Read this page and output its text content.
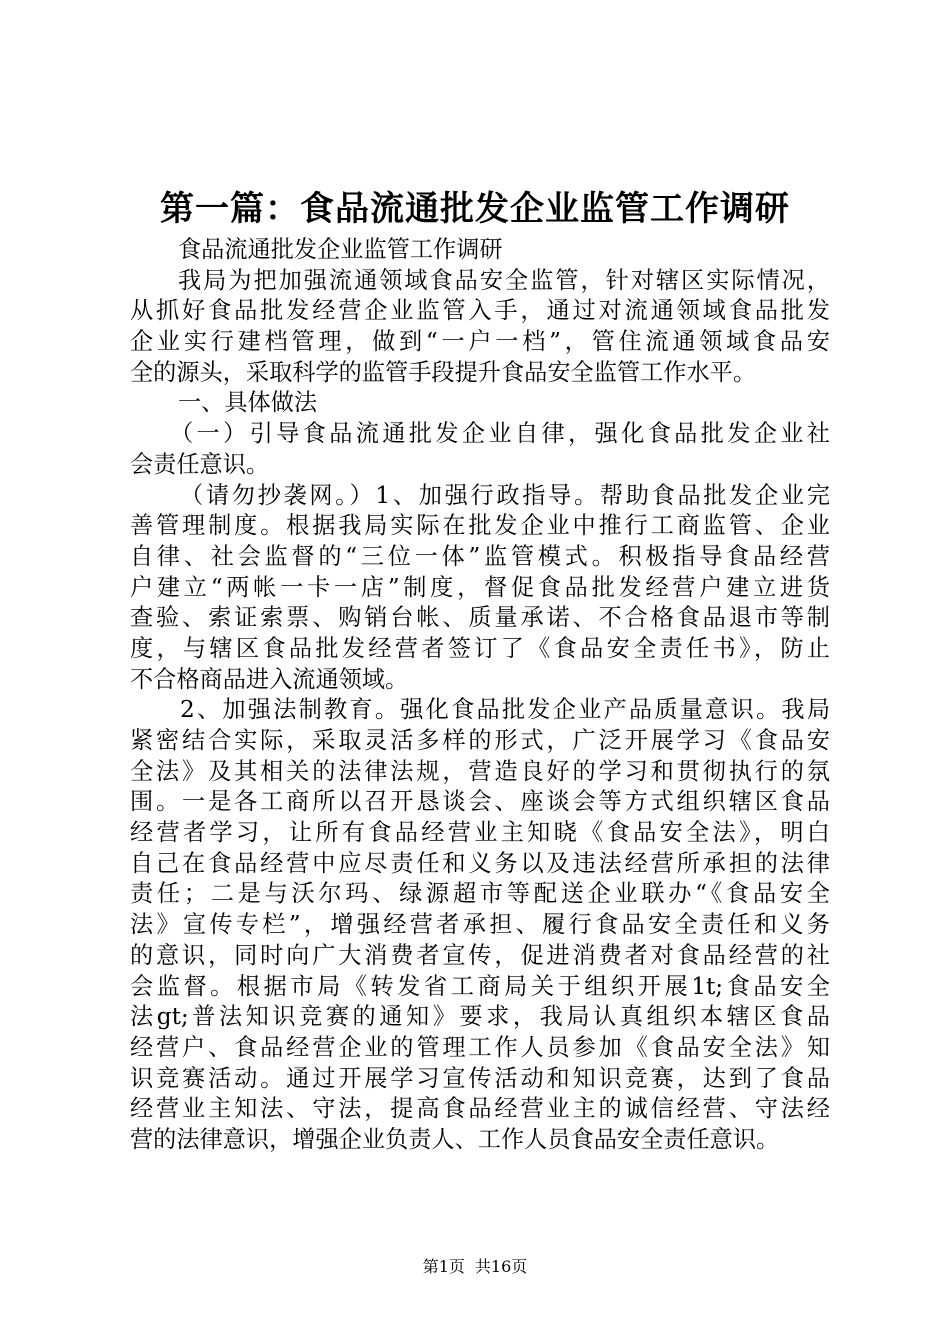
第一篇：食品流通批发企业监管工作调研
食品流通批发企业监管工作调研
我局为把加强流通领域食品安全监管，针对辖区实际情况，
从抓好食品批发经营企业监管入手，通过对流通领域食品批发
企业实行建档管理，做到“一户一档”，管住流通领域食品安
全的源头，采取科学的监管手段提升食品安全监管工作水平。
一、具体做法
（一）引导食品流通批发企业自律，强化食品批发企业社
会责任意识。
（请勿抄袭网。）1、加强行政指导。帮助食品批发企业完
善管理制度。根据我局实际在批发企业中推行工商监管、企业
自律、社会监督的“三位一体”监管模式。积极指导食品经营
户建立“两帐一卡一店”制度，督促食品批发经营户建立进货
查验、索证索票、购销台帐、质量承诺、不合格食品退市等制
度，与辖区食品批发经营者签订了《食品安全责任书》，防止
不合格商品进入流通领域。
2、加强法制教育。强化食品批发企业产品质量意识。我局
紧密结合实际，采取灵活多样的形式，广泛开展学习《食品安
全法》及其相关的法律法规，营造良好的学习和贯彻执行的氛
围。一是各工商所以召开恳谈会、座谈会等方式组织辖区食品
经营者学习，让所有食品经营业主知晓《食品安全法》，明白
自己在食品经营中应尽责任和义务以及违法经营所承担的法律
责任；二是与沃尔玛、绿源超市等配送企业联办“《食品安全
法》宣传专栏”，增强经营者承担、履行食品安全责任和义务
的意识，同时向广大消费者宣传，促进消费者对食品经营的社
会监督。根据市局《转发省工商局关于组织开展1t;食品安全
法gt;普法知识竞赛的通知》要求，我局认真组织本辖区食品
经营户、食品经营企业的管理工作人员参加《食品安全法》知
识竞赛活动。通过开展学习宣传活动和知识竞赛，达到了食品
经营业主知法、守法，提高食品经营业主的诚信经营、守法经
营的法律意识，增强企业负责人、工作人员食品安全责任意识。
第1页 共16页
